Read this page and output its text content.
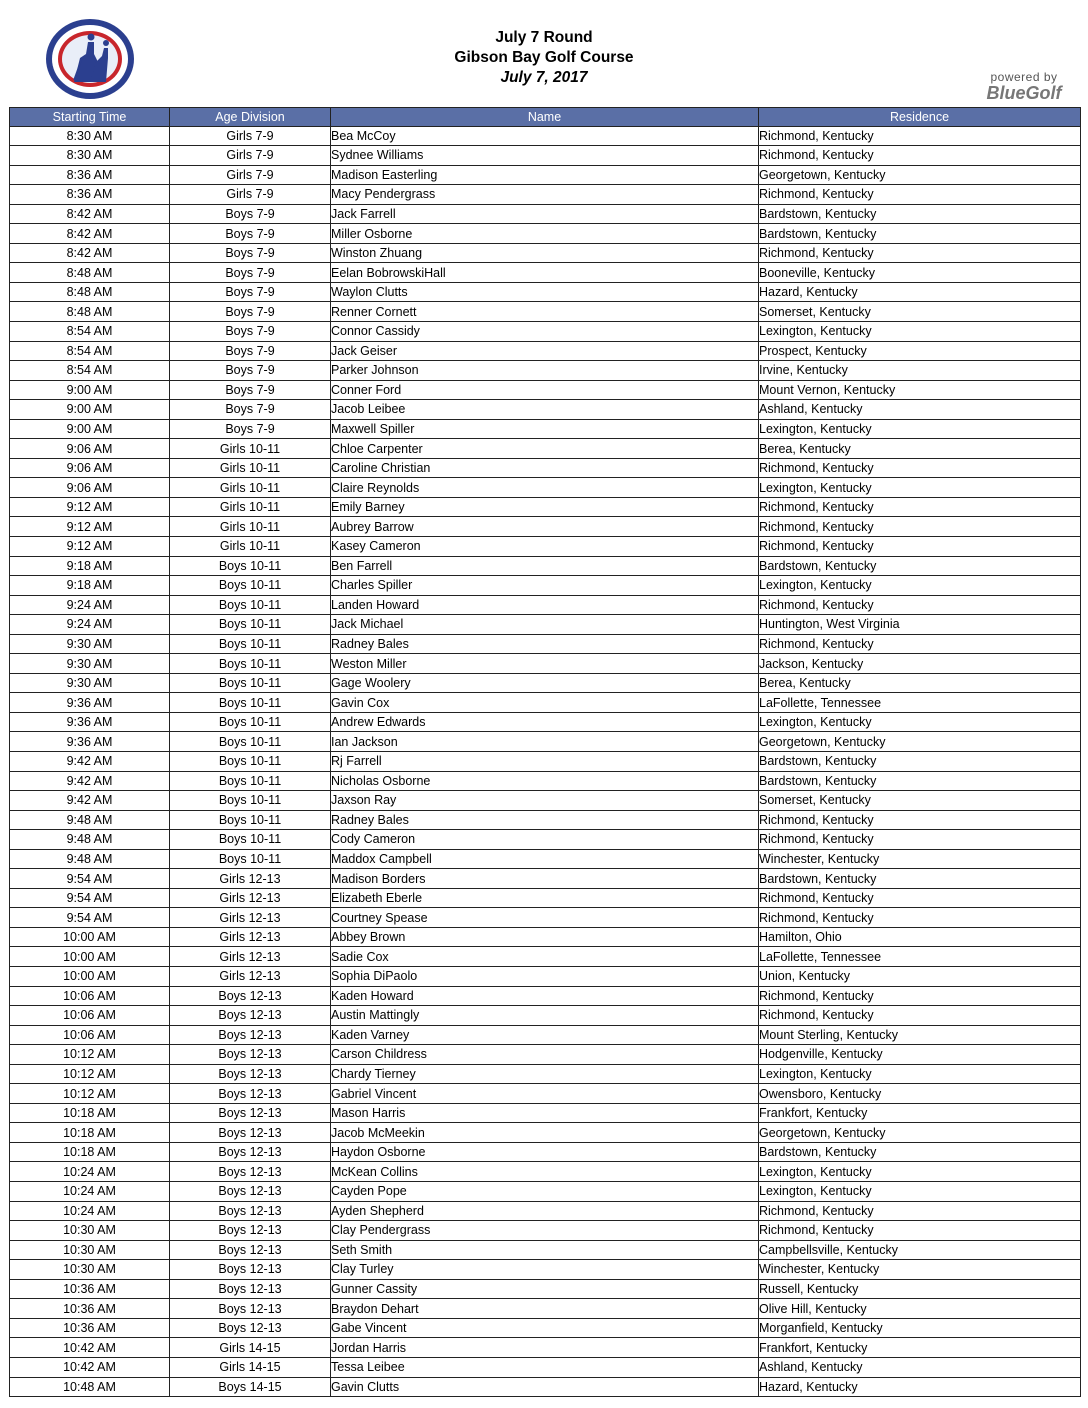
July 7 Round
Gibson Bay Golf Course
July 7, 2017	powered by
BlueGolf
Starting Time	Age Division	Name	Residence
8:30 AM	Girls 7-9	Bea McCoy	Richmond, Kentucky
8:30 AM	Girls 7-9	Sydnee Williams	Richmond, Kentucky
8:36 AM	Girls 7-9	Madison Easterling	Georgetown, Kentucky
8:36 AM	Girls 7-9	Macy Pendergrass	Richmond, Kentucky
8:42 AM	Boys 7-9	Jack Farrell	Bardstown, Kentucky
8:42 AM	Boys 7-9	Miller Osborne	Bardstown, Kentucky
8:42 AM	Boys 7-9	Winston Zhuang	Richmond, Kentucky
8:48 AM	Boys 7-9	Eelan BobrowskiHall	Booneville, Kentucky
8:48 AM	Boys 7-9	Waylon Clutts	Hazard, Kentucky
8:48 AM	Boys 7-9	Renner Cornett	Somerset, Kentucky
8:54 AM	Boys 7-9	Connor Cassidy	Lexington, Kentucky
8:54 AM	Boys 7-9	Jack Geiser	Prospect, Kentucky
8:54 AM	Boys 7-9	Parker Johnson	Irvine, Kentucky
9:00 AM	Boys 7-9	Conner Ford	Mount Vernon, Kentucky
9:00 AM	Boys 7-9	Jacob Leibee	Ashland, Kentucky
9:00 AM	Boys 7-9	Maxwell Spiller	Lexington, Kentucky
9:06 AM	Girls 10-11	Chloe Carpenter	Berea, Kentucky
9:06 AM	Girls 10-11	Caroline Christian	Richmond, Kentucky
9:06 AM	Girls 10-11	Claire Reynolds	Lexington, Kentucky
9:12 AM	Girls 10-11	Emily Barney	Richmond, Kentucky
9:12 AM	Girls 10-11	Aubrey Barrow	Richmond, Kentucky
9:12 AM	Girls 10-11	Kasey Cameron	Richmond, Kentucky
9:18 AM	Boys 10-11	Ben Farrell	Bardstown, Kentucky
9:18 AM	Boys 10-11	Charles Spiller	Lexington, Kentucky
9:24 AM	Boys 10-11	Landen Howard	Richmond, Kentucky
9:24 AM	Boys 10-11	Jack Michael	Huntington, West Virginia
9:30 AM	Boys 10-11	Radney Bales	Richmond, Kentucky
9:30 AM	Boys 10-11	Weston Miller	Jackson, Kentucky
9:30 AM	Boys 10-11	Gage Woolery	Berea, Kentucky
9:36 AM	Boys 10-11	Gavin Cox	LaFollette, Tennessee
9:36 AM	Boys 10-11	Andrew Edwards	Lexington, Kentucky
9:36 AM	Boys 10-11	Ian Jackson	Georgetown, Kentucky
9:42 AM	Boys 10-11	Rj Farrell	Bardstown, Kentucky
9:42 AM	Boys 10-11	Nicholas Osborne	Bardstown, Kentucky
9:42 AM	Boys 10-11	Jaxson Ray	Somerset, Kentucky
9:48 AM	Boys 10-11	Radney Bales	Richmond, Kentucky
9:48 AM	Boys 10-11	Cody Cameron	Richmond, Kentucky
9:48 AM	Boys 10-11	Maddox Campbell	Winchester, Kentucky
9:54 AM	Girls 12-13	Madison Borders	Bardstown, Kentucky
9:54 AM	Girls 12-13	Elizabeth Eberle	Richmond, Kentucky
9:54 AM	Girls 12-13	Courtney Spease	Richmond, Kentucky
10:00 AM	Girls 12-13	Abbey Brown	Hamilton, Ohio
10:00 AM	Girls 12-13	Sadie Cox	LaFollette, Tennessee
10:00 AM	Girls 12-13	Sophia DiPaolo	Union, Kentucky
10:06 AM	Boys 12-13	Kaden Howard	Richmond, Kentucky
10:06 AM	Boys 12-13	Austin Mattingly	Richmond, Kentucky
10:06 AM	Boys 12-13	Kaden Varney	Mount Sterling, Kentucky
10:12 AM	Boys 12-13	Carson Childress	Hodgenville, Kentucky
10:12 AM	Boys 12-13	Chardy Tierney	Lexington, Kentucky
10:12 AM	Boys 12-13	Gabriel Vincent	Owensboro, Kentucky
10:18 AM	Boys 12-13	Mason Harris	Frankfort, Kentucky
10:18 AM	Boys 12-13	Jacob McMeekin	Georgetown, Kentucky
10:18 AM	Boys 12-13	Haydon Osborne	Bardstown, Kentucky
10:24 AM	Boys 12-13	McKean Collins	Lexington, Kentucky
10:24 AM	Boys 12-13	Cayden Pope	Lexington, Kentucky
10:24 AM	Boys 12-13	Ayden Shepherd	Richmond, Kentucky
10:30 AM	Boys 12-13	Clay Pendergrass	Richmond, Kentucky
10:30 AM	Boys 12-13	Seth Smith	Campbellsville, Kentucky
10:30 AM	Boys 12-13	Clay Turley	Winchester, Kentucky
10:36 AM	Boys 12-13	Gunner Cassity	Russell, Kentucky
10:36 AM	Boys 12-13	Braydon Dehart	Olive Hill, Kentucky
10:36 AM	Boys 12-13	Gabe Vincent	Morganfield, Kentucky
10:42 AM	Girls 14-15	Jordan Harris	Frankfort, Kentucky
10:42 AM	Girls 14-15	Tessa Leibee	Ashland, Kentucky
10:48 AM	Boys 14-15	Gavin Clutts	Hazard, Kentucky
